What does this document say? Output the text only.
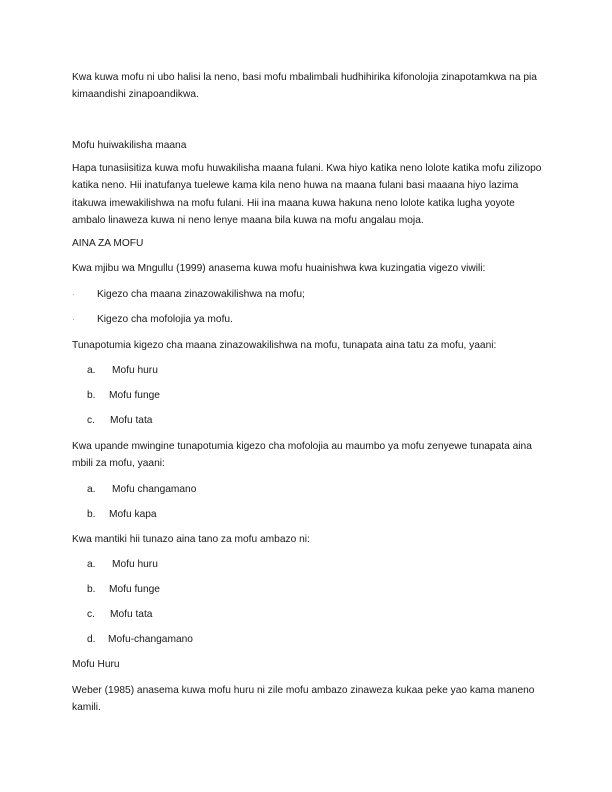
Kwa kuwa mofu ni ubo halisi la neno, basi mofu mbalimbali hudhihirika kifonolojia zinapotamkwa na pia
kimaandishi zinapoandikwa.

Mofu huiwakilisha maana

Hapa tunasiisitiza kuwa mofu huwakilisha maana fulani. Kwa hiyo katika neno lolote katika mofu zilizopo
katika neno. Hii inatufanya tuelewe kama kila neno huwa na maana fulani basi maaana hiyo lazima
itakuwa imewakilishwa na mofu fulani. Hii ina maana kuwa hakuna neno lolote katika lugha yoyote
ambalo linaweza kuwa ni neno lenye maana bila kuwa na mofu angalau moja.

AINA ZA MOFU

Kwa mjibu wa Mngullu (1999) anasema kuwa mofu huainishwa kwa kuzingatia vigezo viwili:

· Kigezo cha maana zinazowakilishwa na mofu;
· Kigezo cha mofolojia ya mofu.

Tunapotumia kigezo cha maana zinazowakilishwa na mofu, tunapata aina tatu za mofu, yaani:

a. Mofu huru
b. Mofu funge
c. Mofu tata

Kwa upande mwingine tunapotumia kigezo cha mofolojia au maumbo ya mofu zenyewe tunapata aina
mbili za mofu, yaani:

a. Mofu changamano
b. Mofu kapa

Kwa mantiki hii tunazo aina tano za mofu ambazo ni:

a. Mofu huru
b. Mofu funge
c. Mofu tata
d. Mofu-changamano

Mofu Huru

Weber (1985) anasema kuwa mofu huru ni zile mofu ambazo zinaweza kukaa peke yao kama maneno
kamili.
